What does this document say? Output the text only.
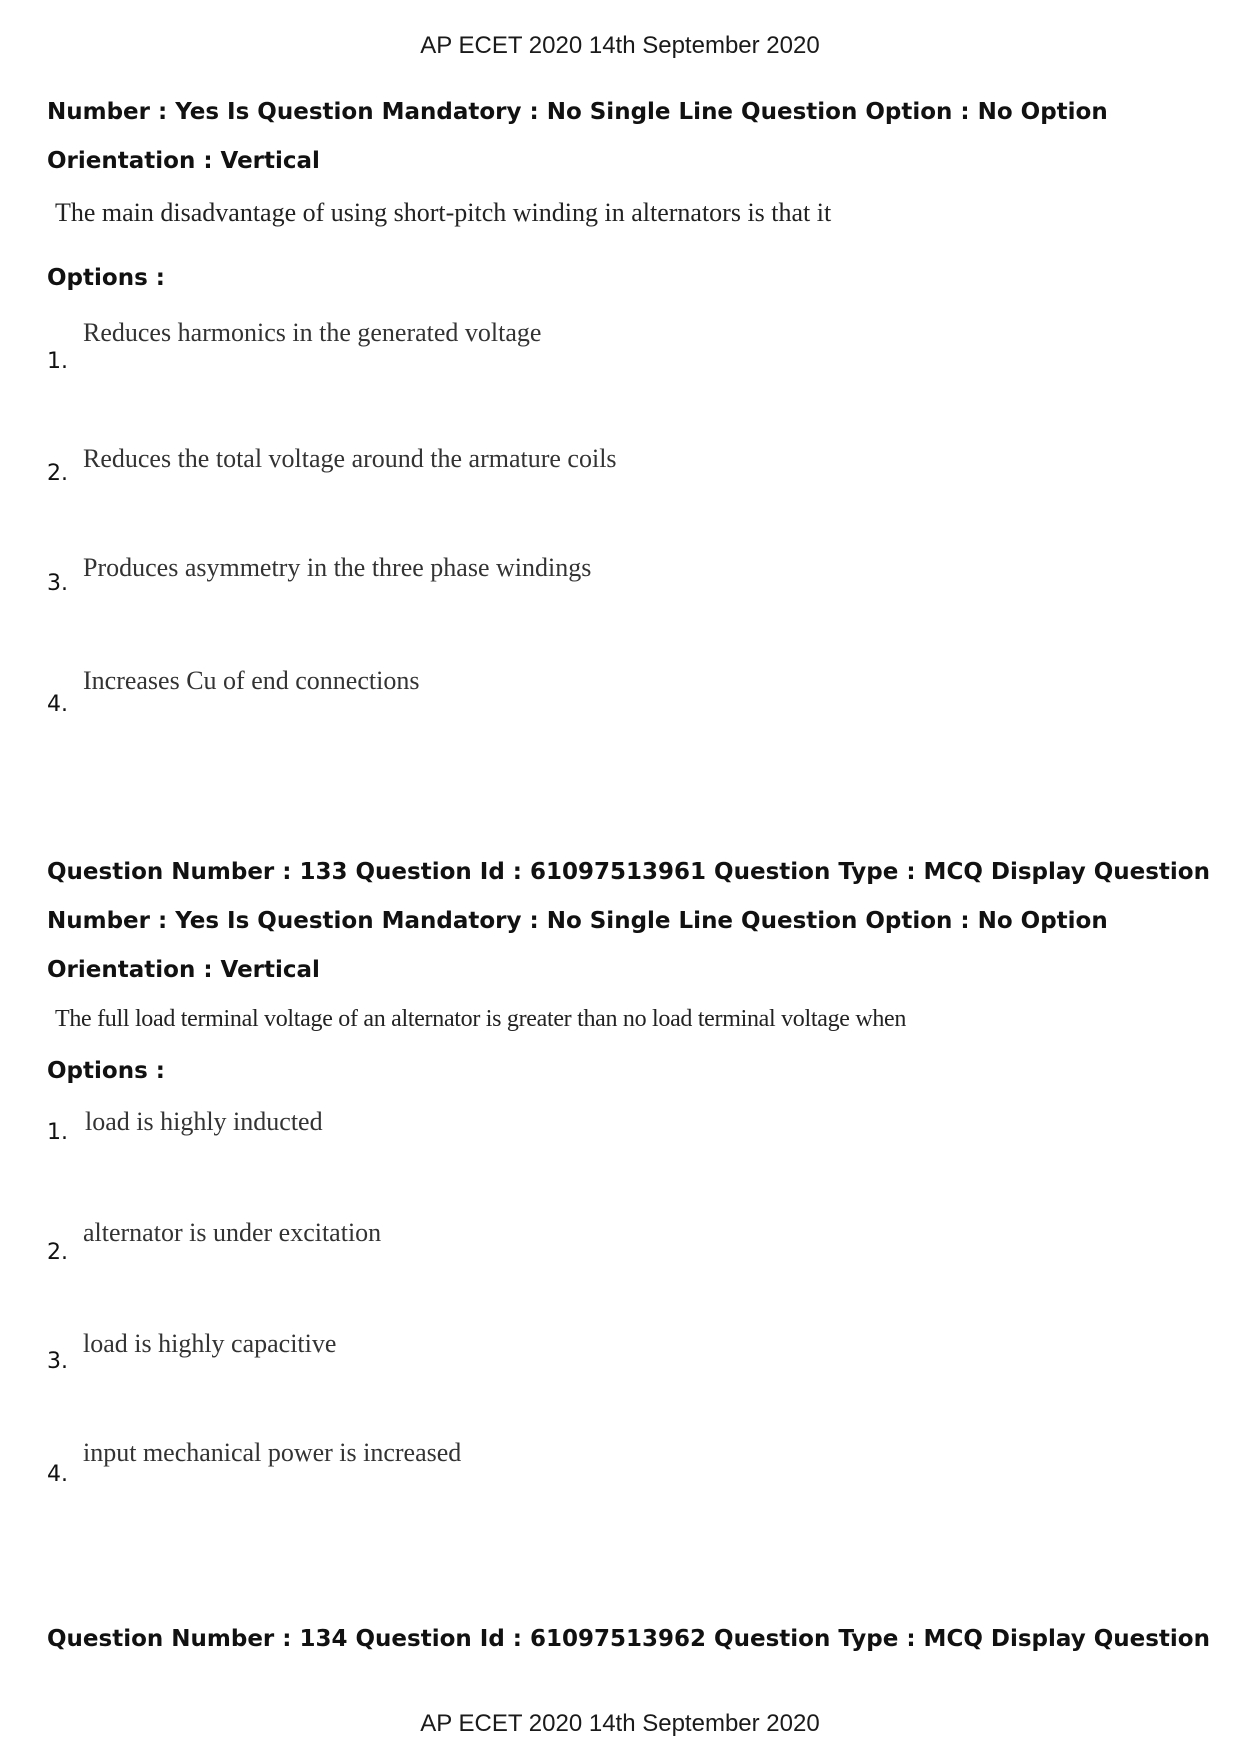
AP ECET 2020 14th September 2020
Number : Yes Is Question Mandatory : No Single Line Question Option : No Option
Orientation : Vertical
The main disadvantage of using short-pitch winding in alternators is that it
Options :
Reduces harmonics in the generated voltage
1.
Reduces the total voltage around the armature coils
2.
Produces asymmetry in the three phase windings
3.
Increases Cu of end connections
4.
Question Number : 133 Question Id : 61097513961 Question Type : MCQ Display Question
Number : Yes Is Question Mandatory : No Single Line Question Option : No Option
Orientation : Vertical
The full load terminal voltage of an alternator is greater than no load terminal voltage when
Options :
load is highly inducted
1.
alternator is under excitation
2.
load is highly capacitive
3.
input mechanical power is increased
4.
Question Number : 134 Question Id : 61097513962 Question Type : MCQ Display Question
AP ECET 2020 14th September 2020
